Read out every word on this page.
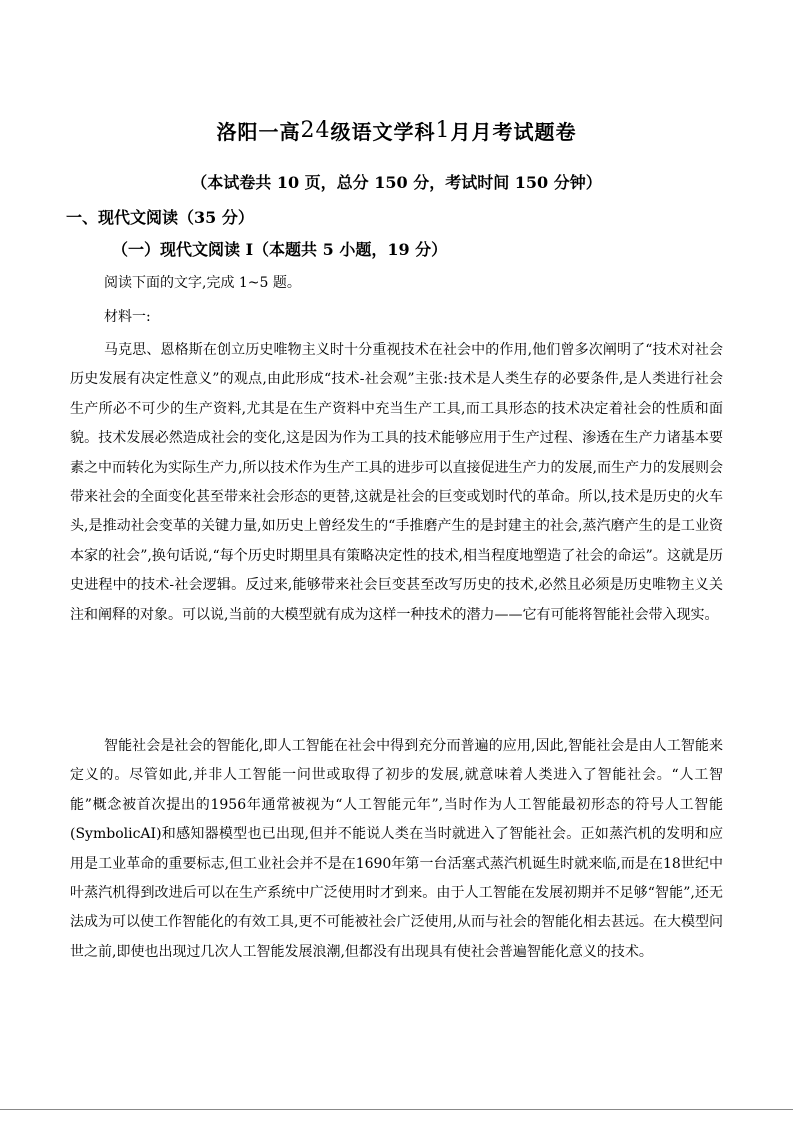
洛阳一高24级语文学科1月月考试题卷
（本试卷共 10 页，总分 150 分，考试时间 150 分钟）
一、现代文阅读（35 分）
（一）现代文阅读 I（本题共 5 小题，19 分）
阅读下面的文字,完成 1~5 题。
材料一:

马克思、恩格斯在创立历史唯物主义时十分重视技术在社会中的作用,他们曾多次阐明了“技术对社会历史发展有决定性意义”的观点,由此形成“技术-社会观”主张:技术是人类生存的必要条件,是人类进行社会生产所必不可少的生产资料,尤其是在生产资料中充当生产工具,而工具形态的技术决定着社会的性质和面貌。技术发展必然造成社会的变化,这是因为作为工具的技术能够应用于生产过程、渗透在生产力诸基本要素之中而转化为实际生产力,所以技术作为生产工具的进步可以直接促进生产力的发展,而生产力的发展则会带来社会的全面变化甚至带来社会形态的更替,这就是社会的巨变或划时代的革命。所以,技术是历史的火车头,是推动社会变革的关键力量,如历史上曾经发生的“手推磨产生的是封建主的社会,蒸汽磨产生的是工业资本家的社会”,换句话说,“每个历史时期里具有策略决定性的技术,相当程度地塑造了社会的命运”。这就是历史进程中的技术-社会逻辑。反过来,能够带来社会巨变甚至改写历史的技术,必然且必须是历史唯物主义关注和阐释的对象。可以说,当前的大模型就有成为这样一种技术的潜力——它有可能将智能社会带入现实。

智能社会是社会的智能化,即人工智能在社会中得到充分而普遍的应用,因此,智能社会是由人工智能来定义的。尽管如此,并非人工智能一问世或取得了初步的发展,就意味着人类进入了智能社会。“人工智能”概念被首次提出的1956年通常被视为“人工智能元年”,当时作为人工智能最初形态的符号人工智能(SymbolicAI)和感知器模型也已出现,但并不能说人类在当时就进入了智能社会。正如蒸汽机的发明和应用是工业革命的重要标志,但工业社会并不是在1690年第一台活塞式蒸汽机诞生时就来临,而是在18世纪中叶蒸汽机得到改进后可以在生产系统中广泛使用时才到来。由于人工智能在发展初期并不足够“智能”,还无法成为可以使工作智能化的有效工具,更不可能被社会广泛使用,从而与社会的智能化相去甚远。在大模型问世之前,即使也出现过几次人工智能发展浪潮,但都没有出现具有使社会普遍智能化意义的技术。
